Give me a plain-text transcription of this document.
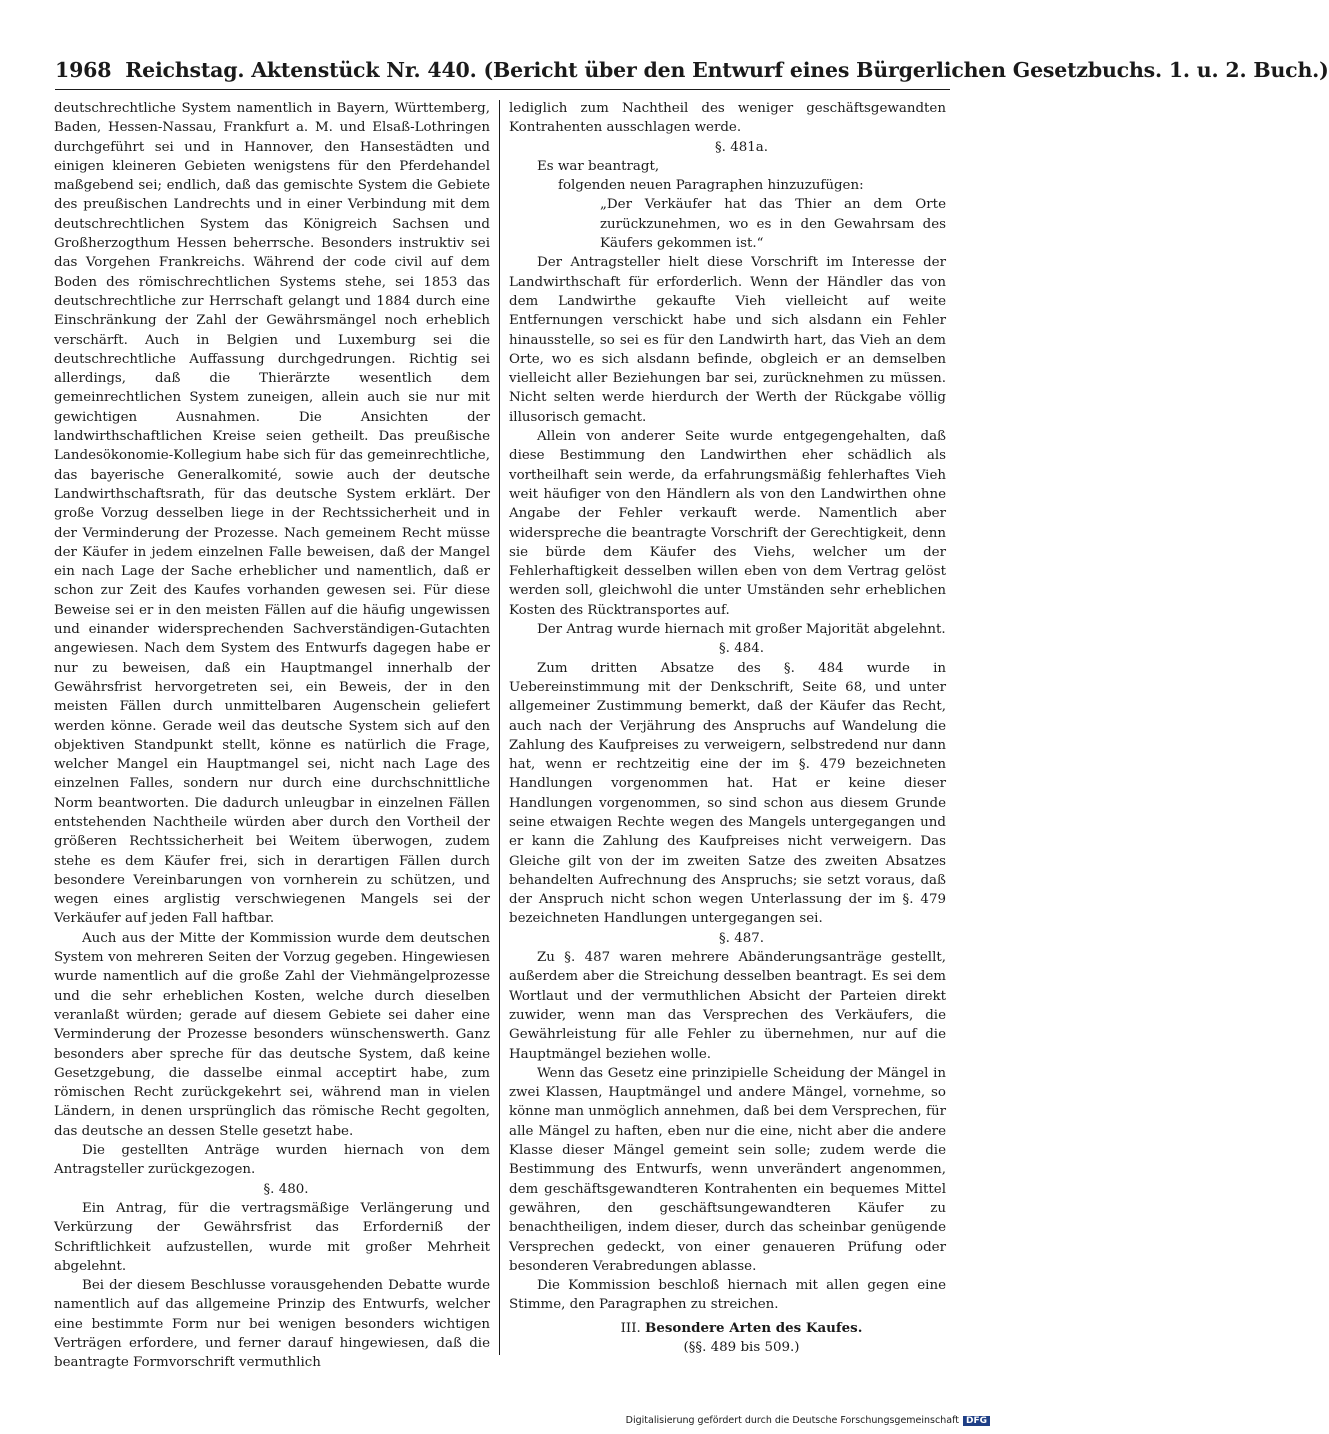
1968 Reichstag. Aktenstück Nr. 440. (Bericht über den Entwurf eines Bürgerlichen Gesetzbuchs. 1. u. 2. Buch.)

deutschrechtliche System namentlich in Bayern, Württemberg, Baden, Hessen-Nassau, Frankfurt a. M. und Elsaß-Lothringen durchgeführt sei und in Hannover, den Hansestädten und einigen kleineren Gebieten wenigstens für den Pferdehandel maßgebend sei; endlich, daß das gemischte System die Gebiete des preußischen Landrechts und in einer Verbindung mit dem deutschrechtlichen System das Königreich Sachsen und Großherzogthum Hessen beherrsche. Besonders instruktiv sei das Vorgehen Frankreichs. Während der code civil auf dem Boden des römischrechtlichen Systems stehe, sei 1853 das deutschrechtliche zur Herrschaft gelangt und 1884 durch eine Einschränkung der Zahl der Gewährsmängel noch erheblich verschärft. Auch in Belgien und Luxemburg sei die deutschrechtliche Auffassung durchgedrungen. Richtig sei allerdings, daß die Thierärzte wesentlich dem gemeinrechtlichen System zuneigen, allein auch sie nur mit gewichtigen Ausnahmen. Die Ansichten der landwirthschaftlichen Kreise seien getheilt. Das preußische Landesökonomie-Kollegium habe sich für das gemeinrechtliche, das bayerische Generalkomité, sowie auch der deutsche Landwirthschaftsrath, für das deutsche System erklärt. Der große Vorzug desselben liege in der Rechtssicherheit und in der Verminderung der Prozesse. Nach gemeinem Recht müsse der Käufer in jedem einzelnen Falle beweisen, daß der Mangel ein nach Lage der Sache erheblicher und namentlich, daß er schon zur Zeit des Kaufes vorhanden gewesen sei. Für diese Beweise sei er in den meisten Fällen auf die häufig ungewissen und einander widersprechenden Sachverständigen-Gutachten angewiesen. Nach dem System des Entwurfs dagegen habe er nur zu beweisen, daß ein Hauptmangel innerhalb der Gewährsfrist hervorgetreten sei, ein Beweis, der in den meisten Fällen durch unmittelbaren Augenschein geliefert werden könne. Gerade weil das deutsche System sich auf den objektiven Standpunkt stellt, könne es natürlich die Frage, welcher Mangel ein Hauptmangel sei, nicht nach Lage des einzelnen Falles, sondern nur durch eine durchschnittliche Norm beantworten. Die dadurch unleugbar in einzelnen Fällen entstehenden Nachtheile würden aber durch den Vortheil der größeren Rechtssicherheit bei Weitem überwogen, zudem stehe es dem Käufer frei, sich in derartigen Fällen durch besondere Vereinbarungen von vornherein zu schützen, und wegen eines arglistig verschwiegenen Mangels sei der Verkäufer auf jeden Fall haftbar.

Auch aus der Mitte der Kommission wurde dem deutschen System von mehreren Seiten der Vorzug gegeben. Hingewiesen wurde namentlich auf die große Zahl der Viehmängelprozesse und die sehr erheblichen Kosten, welche durch dieselben veranlaßt würden; gerade auf diesem Gebiete sei daher eine Verminderung der Prozesse besonders wünschenswerth. Ganz besonders aber spreche für das deutsche System, daß keine Gesetzgebung, die dasselbe einmal acceptirt habe, zum römischen Recht zurückgekehrt sei, während man in vielen Ländern, in denen ursprünglich das römische Recht gegolten, das deutsche an dessen Stelle gesetzt habe.

Die gestellten Anträge wurden hiernach von dem Antragsteller zurückgezogen.

§. 480.

Ein Antrag, für die vertragsmäßige Verlängerung und Verkürzung der Gewährsfrist das Erforderniß der Schriftlichkeit aufzustellen, wurde mit großer Mehrheit abgelehnt.

Bei der diesem Beschlusse vorausgehenden Debatte wurde namentlich auf das allgemeine Prinzip des Entwurfs, welcher eine bestimmte Form nur bei wenigen besonders wichtigen Verträgen erfordere, und ferner darauf hingewiesen, daß die beantragte Formvorschrift vermuthlich

lediglich zum Nachtheil des weniger geschäftsgewandten Kontrahenten ausschlagen werde.

§. 481a.

Es war beantragt,

folgenden neuen Paragraphen hinzuzufügen:

„Der Verkäufer hat das Thier an dem Orte zurückzunehmen, wo es in den Gewahrsam des Käufers gekommen ist.“

Der Antragsteller hielt diese Vorschrift im Interesse der Landwirthschaft für erforderlich. Wenn der Händler das von dem Landwirthe gekaufte Vieh vielleicht auf weite Entfernungen verschickt habe und sich alsdann ein Fehler hinausstelle, so sei es für den Landwirth hart, das Vieh an dem Orte, wo es sich alsdann befinde, obgleich er an demselben vielleicht aller Beziehungen bar sei, zurücknehmen zu müssen. Nicht selten werde hierdurch der Werth der Rückgabe völlig illusorisch gemacht.

Allein von anderer Seite wurde entgegengehalten, daß diese Bestimmung den Landwirthen eher schädlich als vortheilhaft sein werde, da erfahrungsmäßig fehlerhaftes Vieh weit häufiger von den Händlern als von den Landwirthen ohne Angabe der Fehler verkauft werde. Namentlich aber widerspreche die beantragte Vorschrift der Gerechtigkeit, denn sie bürde dem Käufer des Viehs, welcher um der Fehlerhaftigkeit desselben willen eben von dem Vertrag gelöst werden soll, gleichwohl die unter Umständen sehr erheblichen Kosten des Rücktransportes auf.

Der Antrag wurde hiernach mit großer Majorität abgelehnt.

§. 484.

Zum dritten Absatze des §. 484 wurde in Uebereinstimmung mit der Denkschrift, Seite 68, und unter allgemeiner Zustimmung bemerkt, daß der Käufer das Recht, auch nach der Verjährung des Anspruchs auf Wandelung die Zahlung des Kaufpreises zu verweigern, selbstredend nur dann hat, wenn er rechtzeitig eine der im §. 479 bezeichneten Handlungen vorgenommen hat. Hat er keine dieser Handlungen vorgenommen, so sind schon aus diesem Grunde seine etwaigen Rechte wegen des Mangels untergegangen und er kann die Zahlung des Kaufpreises nicht verweigern. Das Gleiche gilt von der im zweiten Satze des zweiten Absatzes behandelten Aufrechnung des Anspruchs; sie setzt voraus, daß der Anspruch nicht schon wegen Unterlassung der im §. 479 bezeichneten Handlungen untergegangen sei.

§. 487.

Zu §. 487 waren mehrere Abänderungsanträge gestellt, außerdem aber die Streichung desselben beantragt. Es sei dem Wortlaut und der vermuthlichen Absicht der Parteien direkt zuwider, wenn man das Versprechen des Verkäufers, die Gewährleistung für alle Fehler zu übernehmen, nur auf die Hauptmängel beziehen wolle.

Wenn das Gesetz eine prinzipielle Scheidung der Mängel in zwei Klassen, Hauptmängel und andere Mängel, vornehme, so könne man unmöglich annehmen, daß bei dem Versprechen, für alle Mängel zu haften, eben nur die eine, nicht aber die andere Klasse dieser Mängel gemeint sein solle; zudem werde die Bestimmung des Entwurfs, wenn unverändert angenommen, dem geschäftsgewandteren Kontrahenten ein bequemes Mittel gewähren, den geschäftsungewandteren Käufer zu benachtheiligen, indem dieser, durch das scheinbar genügende Versprechen gedeckt, von einer genaueren Prüfung oder besonderen Verabredungen ablasse.

Die Kommission beschloß hiernach mit allen gegen eine Stimme, den Paragraphen zu streichen.

III. Besondere Arten des Kaufes.

(§§. 489 bis 509.)

Digitalisierung gefördert durch die Deutsche Forschungsgemeinschaft DFG
